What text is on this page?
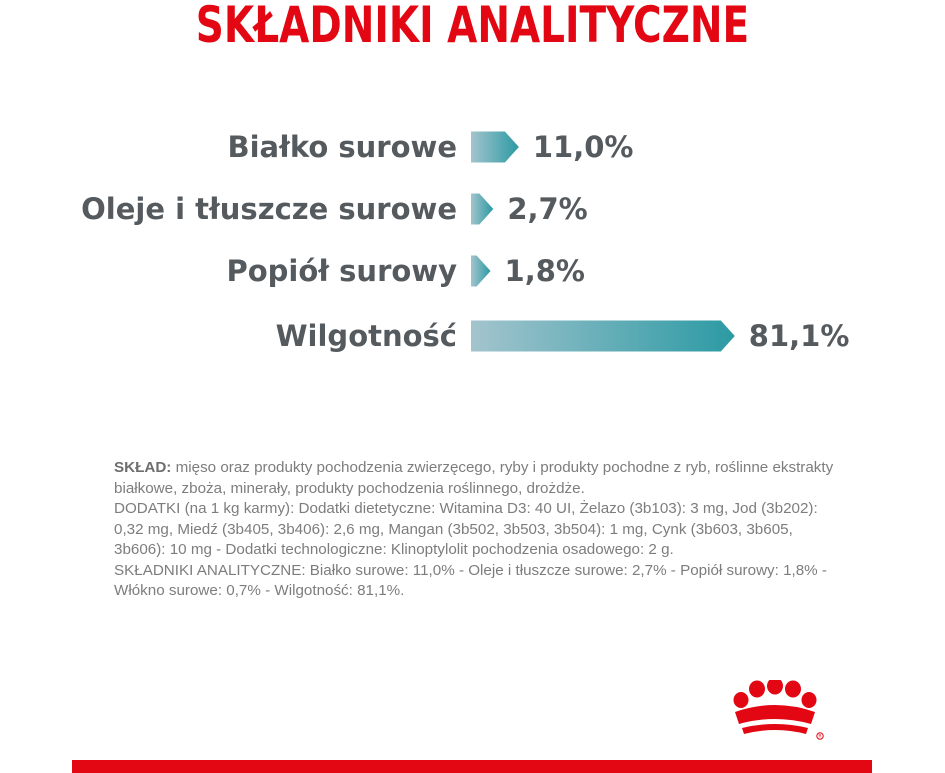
SKŁADNIKI ANALITYCZNE
Białko surowe	11,0%
Oleje i tłuszcze surowe 2,7%
Popiół surowy 1,8%
Wilgotność	81,1%

SKŁAD: mięso oraz produkty pochodzenia zwierzęcego, ryby i produkty pochodne z ryb, roślinne ekstrakty białkowe, zboża, minerały, produkty pochodzenia roślinnego, drożdże.

DODATKI (na 1 kg karmy): Dodatki dietetyczne: Witamina D3: 40 UI, Żelazo (3b103): 3 mg, Jod (3b202): 0,32 mg, Miedź (3b405, 3b406): 2,6 mg, Mangan (3b502, 3b503, 3b504): 1 mg, Cynk (3b603, 3b605, 3b606): 10 mg - Dodatki technologiczne: Klinoptylolit pochodzenia osadowego: 2 g.

SKŁADNIKI ANALITYCZNE: Białko surowe: 11,0% - Oleje i tłuszcze surowe: 2,7% - Popiół surowy: 1,8% - Włókno surowe: 0,7% - Wilgotność: 81,1%.

R
